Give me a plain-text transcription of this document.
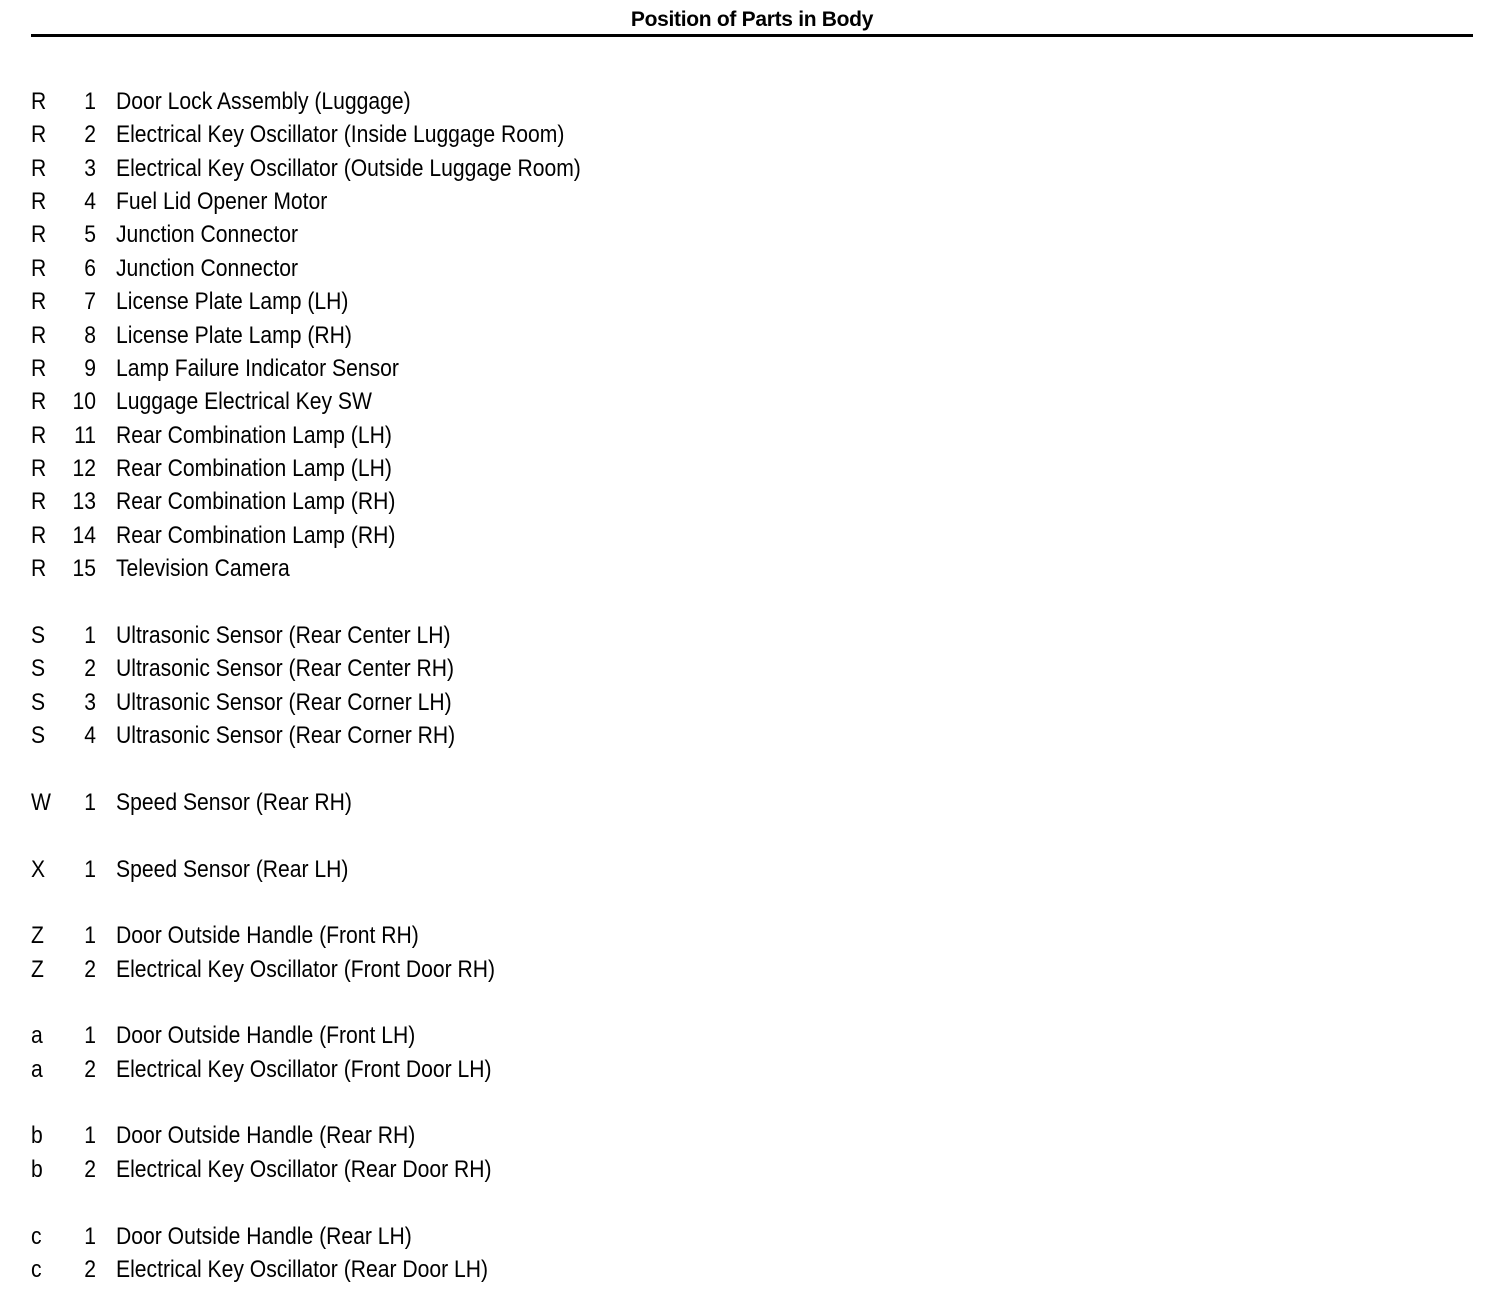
Position of Parts in Body
R	1 Door Lock Assembly (Luggage)
R	2 Electrical Key Oscillator (Inside Luggage Room)
R	3 Electrical Key Oscillator (Outside Luggage Room)
R	4 Fuel Lid Opener Motor
R	5 Junction Connector
R	6 Junction Connector
R	7 License Plate Lamp (LH)
R	8 License Plate Lamp (RH)
R	9 Lamp Failure Indicator Sensor
R	10 Luggage Electrical Key SW
R	11 Rear Combination Lamp (LH)
R	12 Rear Combination Lamp (LH)
R	13 Rear Combination Lamp (RH)
R	14 Rear Combination Lamp (RH)
R	15 Television Camera
S	1 Ultrasonic Sensor (Rear Center LH)
S	2 Ultrasonic Sensor (Rear Center RH)
S	3 Ultrasonic Sensor (Rear Corner LH)
S	4 Ultrasonic Sensor (Rear Corner RH)
W	1 Speed Sensor (Rear RH)
X	1 Speed Sensor (Rear LH)
Z	1 Door Outside Handle (Front RH)
Z	2 Electrical Key Oscillator (Front Door RH)
a	1 Door Outside Handle (Front LH)
a	2 Electrical Key Oscillator (Front Door LH)
b	1 Door Outside Handle (Rear RH)
b	2 Electrical Key Oscillator (Rear Door RH)
c	1 Door Outside Handle (Rear LH)
c	2 Electrical Key Oscillator (Rear Door LH)
